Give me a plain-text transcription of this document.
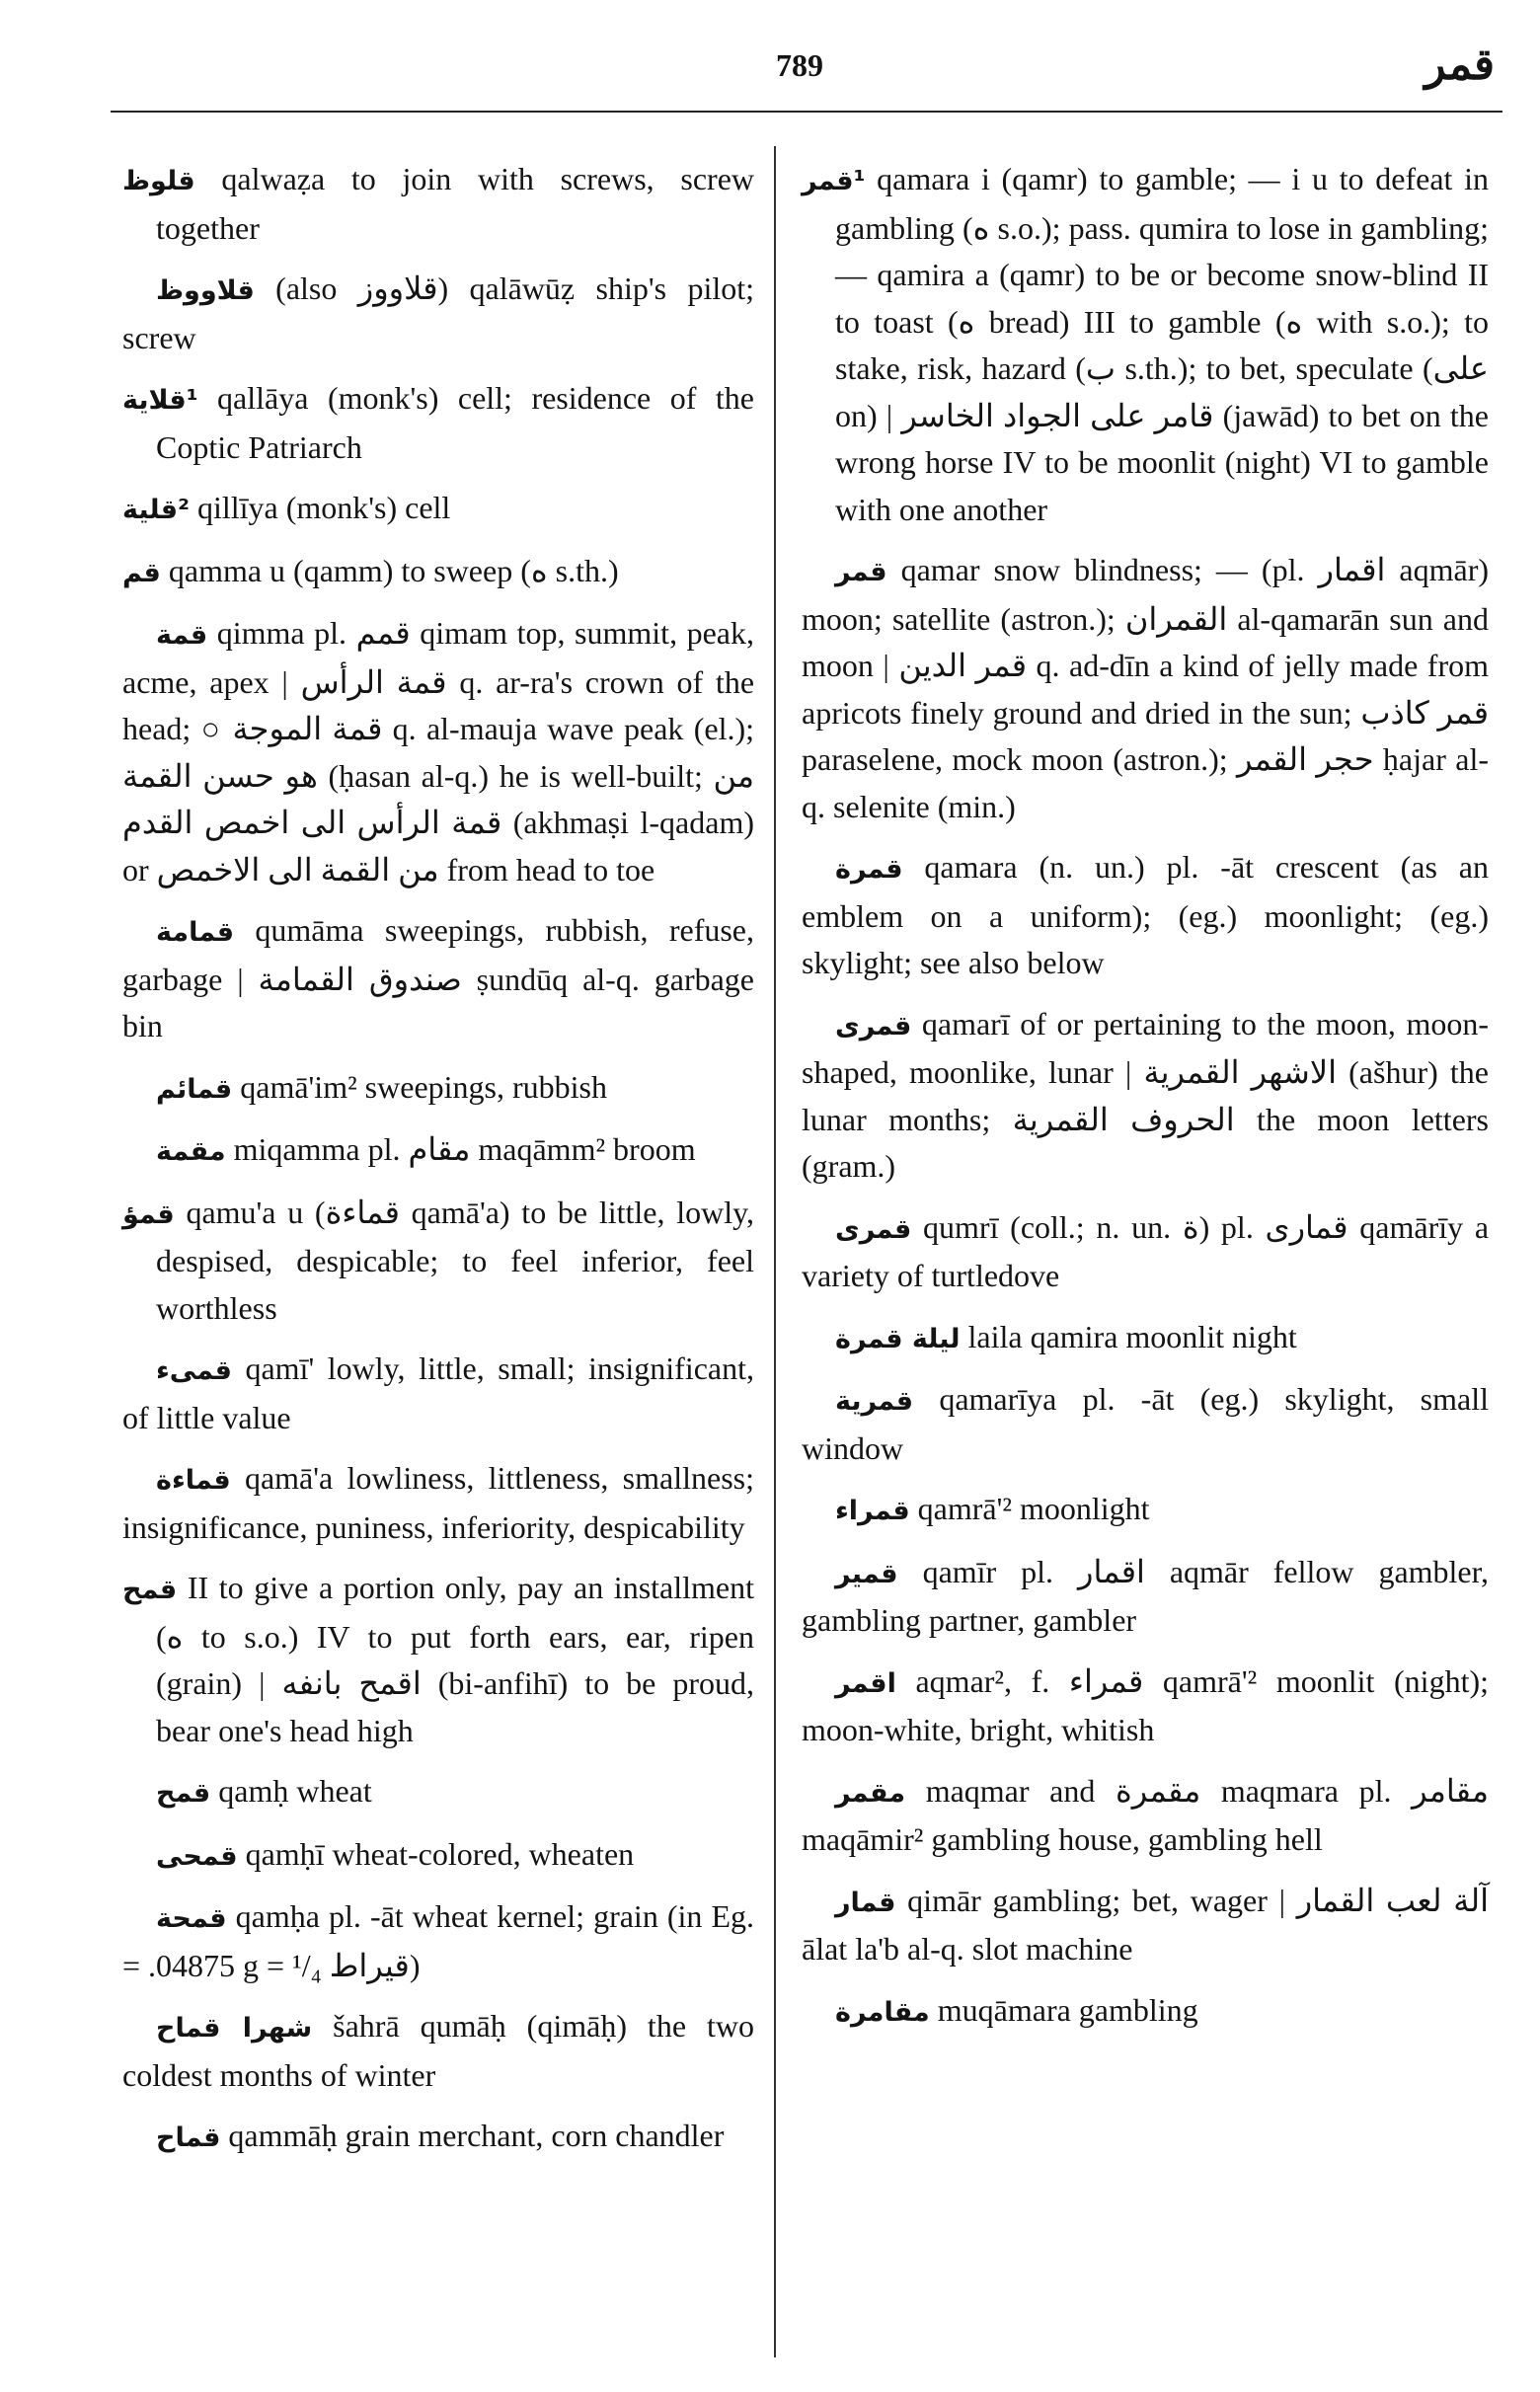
789	قمر

قلوظ qalwaẓa to join with screws, screw together

قلاووظ (also قلاووز) qalāwūẓ ship's pilot; screw

¹قلاية qallāya (monk's) cell; residence of the Coptic Patriarch

²قلية qillīya (monk's) cell

قم qamma u (qamm) to sweep (ه s.th.)

قمة qimma pl. قمم qimam top, summit, peak, acme, apex | قمة الرأس q. ar-ra's crown of the head; ○ قمة الموجة q. al-mauja wave peak (el.); هو حسن القمة (ḥasan al-q.) he is well-built; من قمة الرأس الى اخمص القدم (akhmaṣi l-qadam) or من القمة الى الاخمص from head to toe

قمامة qumāma sweepings, rubbish, refuse, garbage | صندوق القمامة ṣundūq al-q. garbage bin

قمائم qamā'im² sweepings, rubbish

مقمة miqamma pl. مقام maqāmm² broom

قمؤ qamu'a u (قماءة qamā'a) to be little, lowly, despised, despicable; to feel inferior, feel worthless

قمىء qamī' lowly, little, small; insignificant, of little value

قماءة qamā'a lowliness, littleness, smallness; insignificance, puniness, inferiority, despicability

قمح II to give a portion only, pay an installment (ه to s.o.) IV to put forth ears, ear, ripen (grain) | اقمح بانفه (bi-anfihī) to be proud, bear one's head high

قمح qamḥ wheat

قمحى qamḥī wheat-colored, wheaten

قمحة qamḥa pl. -āt wheat kernel; grain (in Eg. = .04875 g = ¹/₄ قيراط)

شهرا قماح šahrā qumāḥ (qimāḥ) the two coldest months of winter

قماح qammāḥ grain merchant, corn chandler

¹قمر qamara i (qamr) to gamble; — i u to defeat in gambling (ه s.o.); pass. qumira to lose in gambling; — qamira a (qamr) to be or become snow-blind II to toast (ه bread) III to gamble (ه with s.o.); to stake, risk, hazard (ب s.th.); to bet, speculate (على on) | قامر على الجواد الخاسر (jawād) to bet on the wrong horse IV to be moonlit (night) VI to gamble with one another

قمر qamar snow blindness; — (pl. اقمار aqmār) moon; satellite (astron.); القمران al-qamarān sun and moon | قمر الدين q. ad-dīn a kind of jelly made from apricots finely ground and dried in the sun; قمر كاذب paraselene, mock moon (astron.); حجر القمر ḥajar al-q. selenite (min.)

قمرة qamara (n. un.) pl. -āt crescent (as an emblem on a uniform); (eg.) moonlight; (eg.) skylight; see also below

قمرى qamarī of or pertaining to the moon, moon-shaped, moonlike, lunar | الاشهر القمرية (ašhur) the lunar months; الحروف القمرية the moon letters (gram.)

قمرى qumrī (coll.; n. un. ة) pl. قمارى qamārīy a variety of turtledove

ليلة قمرة laila qamira moonlit night

قمرية qamarīya pl. -āt (eg.) skylight, small window

قمراء qamrā'² moonlight

قمير qamīr pl. اقمار aqmār fellow gambler, gambling partner, gambler

اقمر aqmar², f. قمراء qamrā'² moonlit (night); moon-white, bright, whitish

مقمر maqmar and مقمرة maqmara pl. مقامر maqāmir² gambling house, gambling hell

قمار qimār gambling; bet, wager | آلة لعب القمار ālat la'b al-q. slot machine

مقامرة muqāmara gambling
